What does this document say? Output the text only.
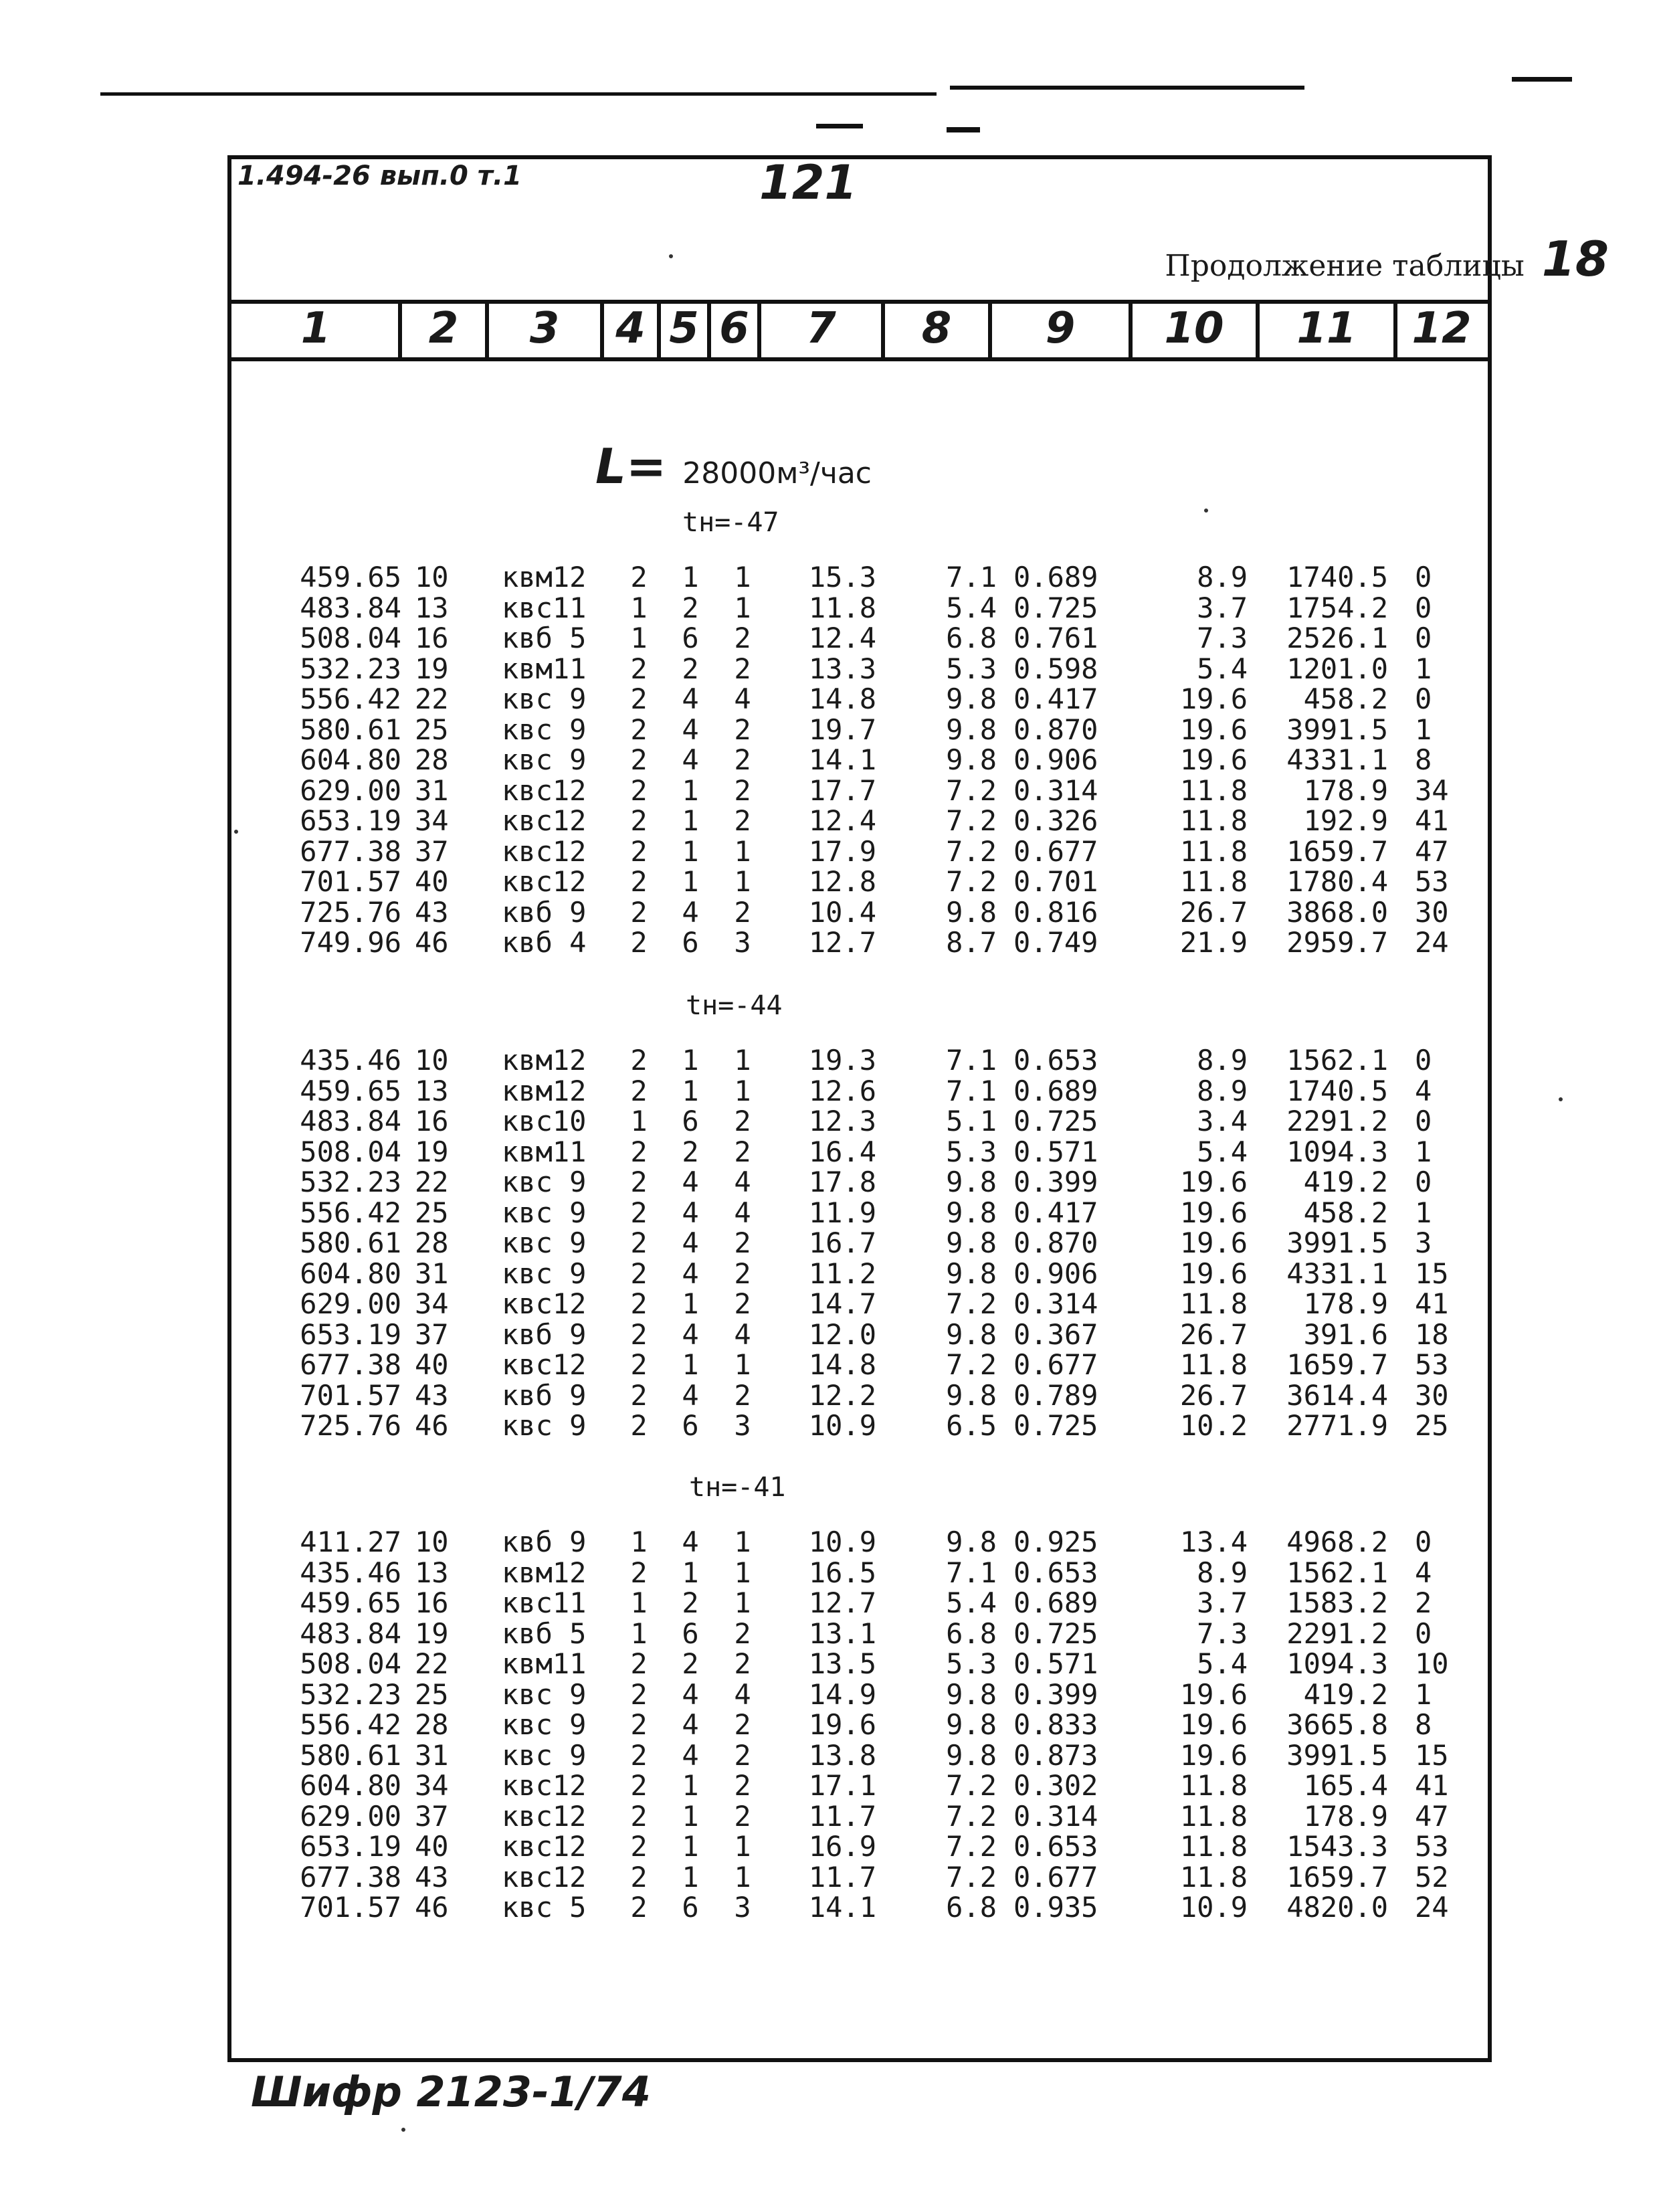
1.494-26 вып.0 т.1	121
Продолжение таблицы 18
L= 28000м³/час
tн=-47
459.65 10	квм12	2 1 1	15.3	7.1 0.689	8.9	1740.5 0
483.84 13	квс11	1 2 1	11.8	5.4 0.725	3.7	1754.2 0
508.04 16	квб 5	1 6 2	12.4	6.8 0.761	7.3	2526.1 0
532.23 19	квм11	2 2 2	13.3	5.3 0.598	5.4	1201.0 1
556.42 22	квс 9	2 4 4	14.8	9.8 0.417	19.6	458.2 0
580.61 25	квс 9	2 4 2	19.7	9.8 0.870	19.6	3991.5 1
604.80 28	квс 9	2 4 2	14.1	9.8 0.906	19.6	4331.1 8
629.00 31	квс12	2 1 2	17.7	7.2 0.314	11.8	178.9 34
653.19 34	квс12	2 1 2	12.4	7.2 0.326	11.8	192.9 41
677.38 37	квс12	2 1 1	17.9	7.2 0.677	11.8	1659.7 47
701.57 40	квс12	2 1 1	12.8	7.2 0.701	11.8	1780.4 53
725.76 43	квб 9	2 4 2	10.4	9.8 0.816	26.7	3868.0 30
749.96 46	квб 4	2 6 3	12.7	8.7 0.749	21.9	2959.7 24
tн=-44
435.46 10	квм12	2 1 1	19.3	7.1 0.653	8.9	1562.1 0
459.65 13	квм12	2 1 1	12.6	7.1 0.689	8.9	1740.5 4
483.84 16	квс10	1 6 2	12.3	5.1 0.725	3.4	2291.2 0
508.04 19	квм11	2 2 2	16.4	5.3 0.571	5.4	1094.3 1
532.23 22	квс 9	2 4 4	17.8	9.8 0.399	19.6	419.2 0
556.42 25	квс 9	2 4 4	11.9	9.8 0.417	19.6	458.2 1
580.61 28	квс 9	2 4 2	16.7	9.8 0.870	19.6	3991.5 3
604.80 31	квс 9	2 4 2	11.2	9.8 0.906	19.6	4331.1 15
629.00 34	квс12	2 1 2	14.7	7.2 0.314	11.8	178.9 41
653.19 37	квб 9	2 4 4	12.0	9.8 0.367	26.7	391.6 18
677.38 40	квс12	2 1 1	14.8	7.2 0.677	11.8	1659.7 53
701.57 43	квб 9	2 4 2	12.2	9.8 0.789	26.7	3614.4 30
725.76 46	квс 9	2 6 3	10.9	6.5 0.725	10.2	2771.9 25
tн=-41
411.27 10	квб 9	1 4 1	10.9	9.8 0.925	13.4	4968.2 0
435.46 13	квм12	2 1 1	16.5	7.1 0.653	8.9	1562.1 4
459.65 16	квс11	1 2 1	12.7	5.4 0.689	3.7	1583.2 2
483.84 19	квб 5	1 6 2	13.1	6.8 0.725	7.3	2291.2 0
508.04 22	квм11	2 2 2	13.5	5.3 0.571	5.4	1094.3 10
532.23 25	квс 9	2 4 4	14.9	9.8 0.399	19.6	419.2 1
556.42 28	квс 9	2 4 2	19.6	9.8 0.833	19.6	3665.8 8
580.61 31	квс 9	2 4 2	13.8	9.8 0.873	19.6	3991.5 15
604.80 34	квс12	2 1 2	17.1	7.2 0.302	11.8	165.4 41
629.00 37	квс12	2 1 2	11.7	7.2 0.314	11.8	178.9 47
653.19 40	квс12	2 1 1	16.9	7.2 0.653	11.8	1543.3 53
677.38 43	квс12	2 1 1	11.7	7.2 0.677	11.8	1659.7 52
701.57 46	квс 5	2 6 3	14.1	6.8 0.935	10.9	4820.0 24
Шифр 2123-1/74
1	2	3	4 5 6	7	8	9	10	11	12
